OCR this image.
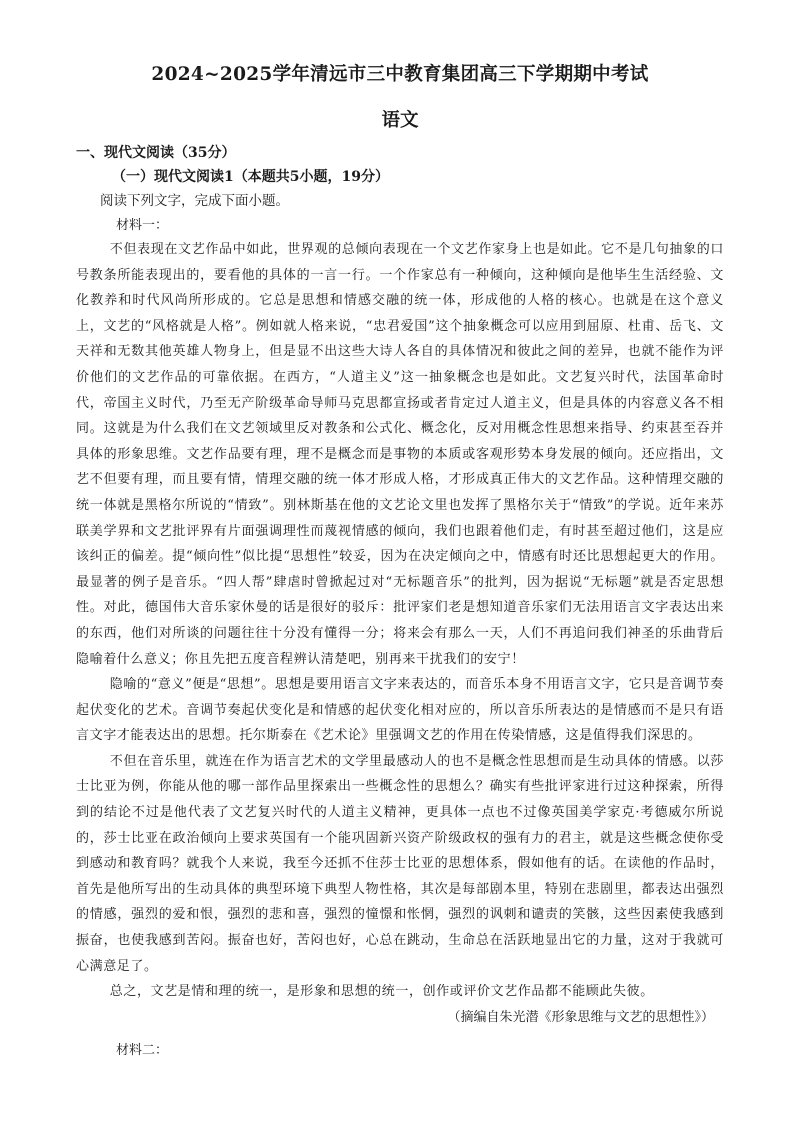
2024~2025学年清远市三中教育集团高三下学期期中考试
语文
一、现代文阅读（35分）
（一）现代文阅读1（本题共5小题，19分）
阅读下列文字，完成下面小题。
材料一：

不但表现在文艺作品中如此，世界观的总倾向表现在一个文艺作家身上也是如此。它不是几句抽象的口号教条所能表现出的，要看他的具体的一言一行。一个作家总有一种倾向，这种倾向是他毕生生活经验、文化教养和时代风尚所形成的。它总是思想和情感交融的统一体，形成他的人格的核心。也就是在这个意义上，文艺的“风格就是人格”。例如就人格来说，“忠君爱国”这个抽象概念可以应用到屈原、杜甫、岳飞、文天祥和无数其他英雄人物身上，但是显不出这些大诗人各自的具体情况和彼此之间的差异，也就不能作为评价他们的文艺作品的可靠依据。在西方，“人道主义”这一抽象概念也是如此。文艺复兴时代，法国革命时代，帝国主义时代，乃至无产阶级革命导师马克思都宣扬或者肯定过人道主义，但是具体的内容意义各不相同。这就是为什么我们在文艺领域里反对教条和公式化、概念化，反对用概念性思想来指导、约束甚至吞并具体的形象思维。文艺作品要有理，理不是概念而是事物的本质或客观形势本身发展的倾向。还应指出，文艺不但要有理，而且要有情，情理交融的统一体才形成人格，才形成真正伟大的文艺作品。这种情理交融的统一体就是黑格尔所说的“情致”。别林斯基在他的文艺论文里也发挥了黑格尔关于“情致”的学说。近年来苏联美学界和文艺批评界有片面强调理性而蔑视情感的倾向，我们也跟着他们走，有时甚至超过他们，这是应该纠正的偏差。提“倾向性”似比提“思想性”较妥，因为在决定倾向之中，情感有时还比思想起更大的作用。最显著的例子是音乐。“四人帮”肆虐时曾掀起过对“无标题音乐”的批判，因为据说“无标题”就是否定思想性。对此，德国伟大音乐家休曼的话是很好的驳斥：批评家们老是想知道音乐家们无法用语言文字表达出来的东西，他们对所谈的问题往往十分没有懂得一分；将来会有那么一天，人们不再追问我们神圣的乐曲背后隐喻着什么意义；你且先把五度音程辨认清楚吧，别再来干扰我们的安宁！

隐喻的“意义”便是“思想”。思想是要用语言文字来表达的，而音乐本身不用语言文字，它只是音调节奏起伏变化的艺术。音调节奏起伏变化是和情感的起伏变化相对应的，所以音乐所表达的是情感而不是只有语言文字才能表达出的思想。托尔斯泰在《艺术论》里强调文艺的作用在传染情感，这是值得我们深思的。

不但在音乐里，就连在作为语言艺术的文学里最感动人的也不是概念性思想而是生动具体的情感。以莎士比亚为例，你能从他的哪一部作品里探索出一些概念性的思想么？确实有些批评家进行过这种探索，所得到的结论不过是他代表了文艺复兴时代的人道主义精神，更具体一点也不过像英国美学家克·考德威尔所说的，莎士比亚在政治倾向上要求英国有一个能巩固新兴资产阶级政权的强有力的君主，就是这些概念使你受到感动和教育吗？就我个人来说，我至今还抓不住莎士比亚的思想体系，假如他有的话。在读他的作品时，首先是他所写出的生动具体的典型环境下典型人物性格，其次是每部剧本里，特别在悲剧里，都表达出强烈的情感，强烈的爱和恨，强烈的悲和喜，强烈的憧憬和怅惘，强烈的讽刺和谴责的笑骸，这些因素使我感到振奋，也使我感到苦闷。振奋也好，苦闷也好，心总在跳动，生命总在活跃地显出它的力量，这对于我就可心满意足了。

总之，文艺是情和理的统一，是形象和思想的统一，创作或评价文艺作品都不能顾此失彼。

（摘编自朱光潜《形象思维与文艺的思想性》）

材料二：
